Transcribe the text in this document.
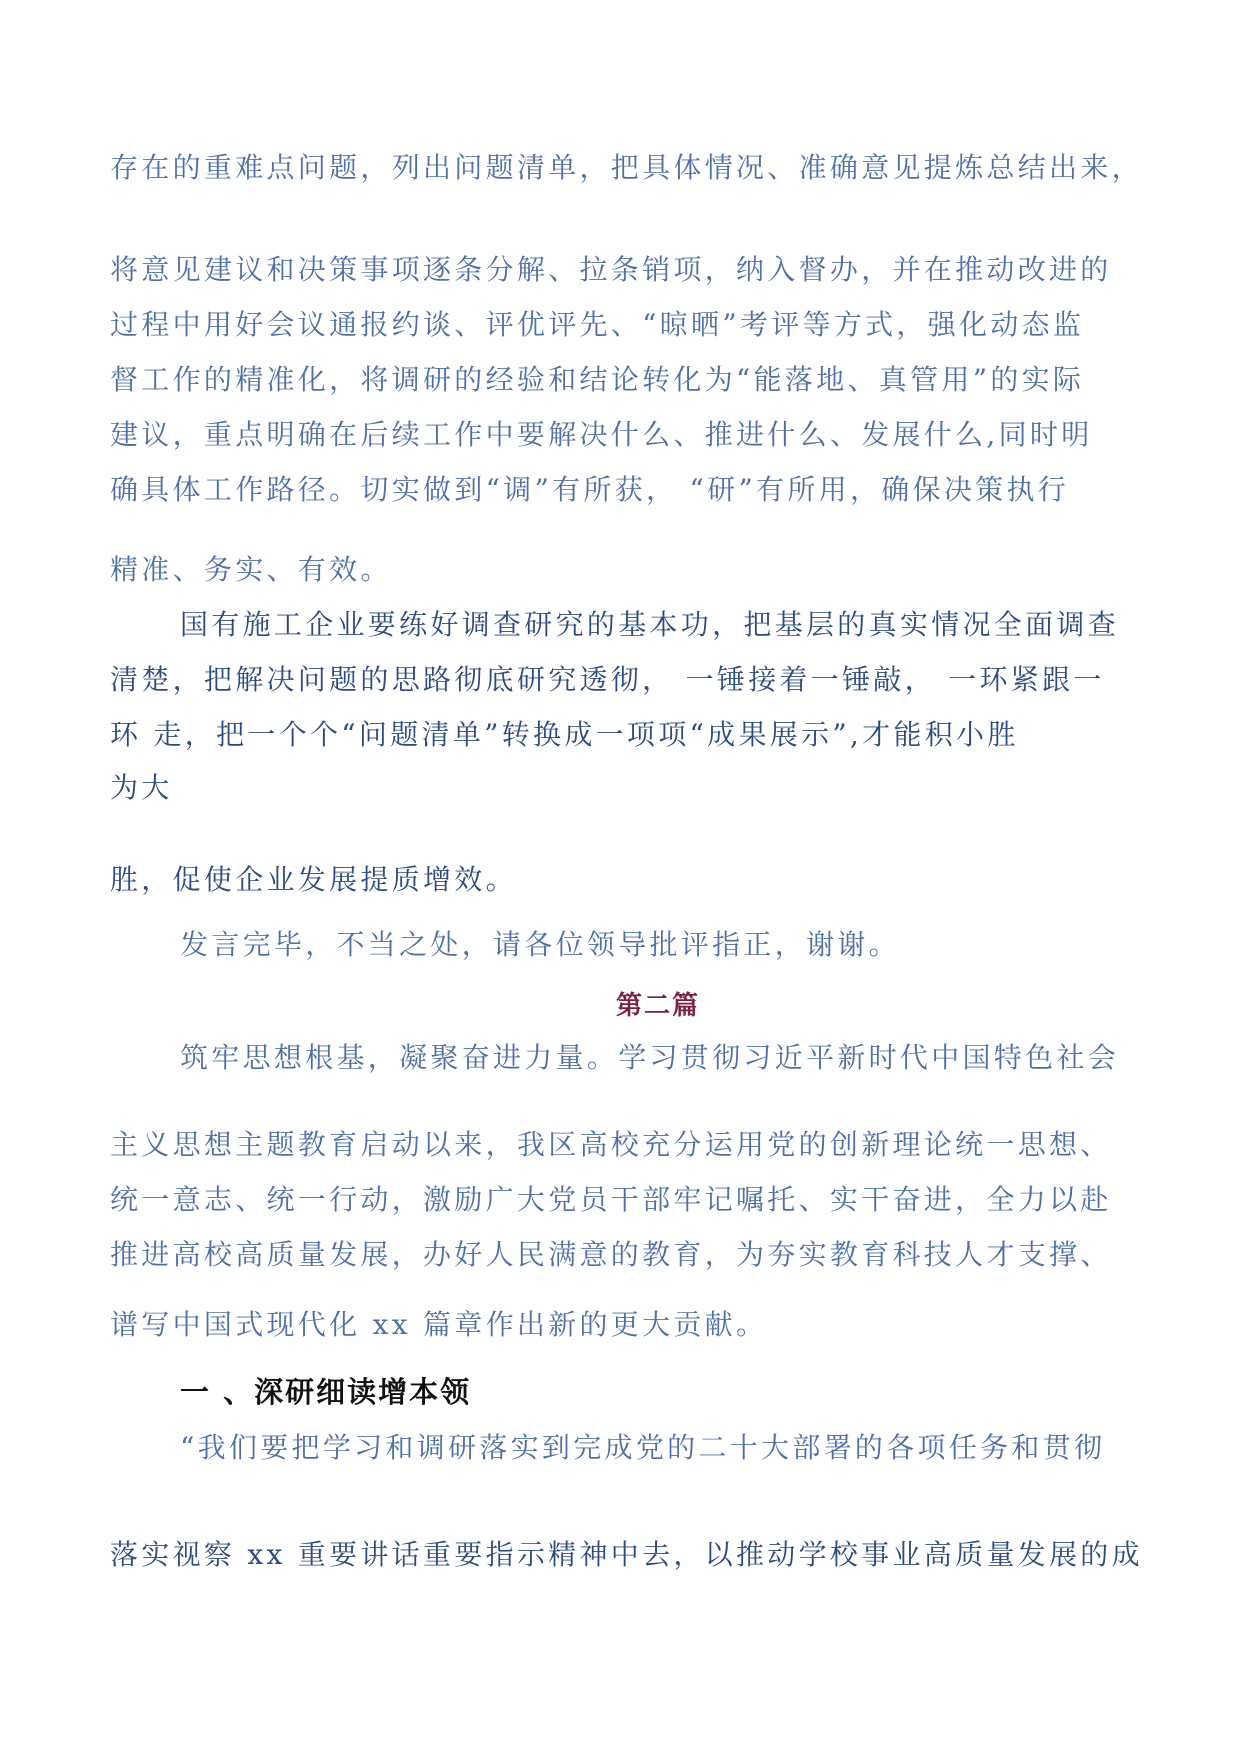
存在的重难点问题，列出问题清单，把具体情况、准确意见提炼总结出来，
将意见建议和决策事项逐条分解、拉条销项，纳入督办，并在推动改进的
过程中用好会议通报约谈、评优评先、“晾晒”考评等方式，强化动态监
督工作的精准化，将调研的经验和结论转化为“能落地、真管用”的实际
建议，重点明确在后续工作中要解决什么、推进什么、发展什么,同时明
确具体工作路径。切实做到“调”有所获， “研”有所用，确保决策执行
精准、务实、有效。
国有施工企业要练好调查研究的基本功，把基层的真实情况全面调查
清楚，把解决问题的思路彻底研究透彻， 一锤接着一锤敲， 一环紧跟一
环 走，把一个个“问题清单”转换成一项项“成果展示”,才能积小胜
为大
胜，促使企业发展提质增效。
发言完毕，不当之处，请各位领导批评指正，谢谢。
第二篇
筑牢思想根基，凝聚奋进力量。学习贯彻习近平新时代中国特色社会
主义思想主题教育启动以来，我区高校充分运用党的创新理论统一思想、
统一意志、统一行动，激励广大党员干部牢记嘱托、实干奋进，全力以赴
推进高校高质量发展，办好人民满意的教育，为夯实教育科技人才支撑、
谱写中国式现代化 xx 篇章作出新的更大贡献。
一 、深研细读增本领
“我们要把学习和调研落实到完成党的二十大部署的各项任务和贯彻
落实视察 xx 重要讲话重要指示精神中去，以推动学校事业高质量发展的成
